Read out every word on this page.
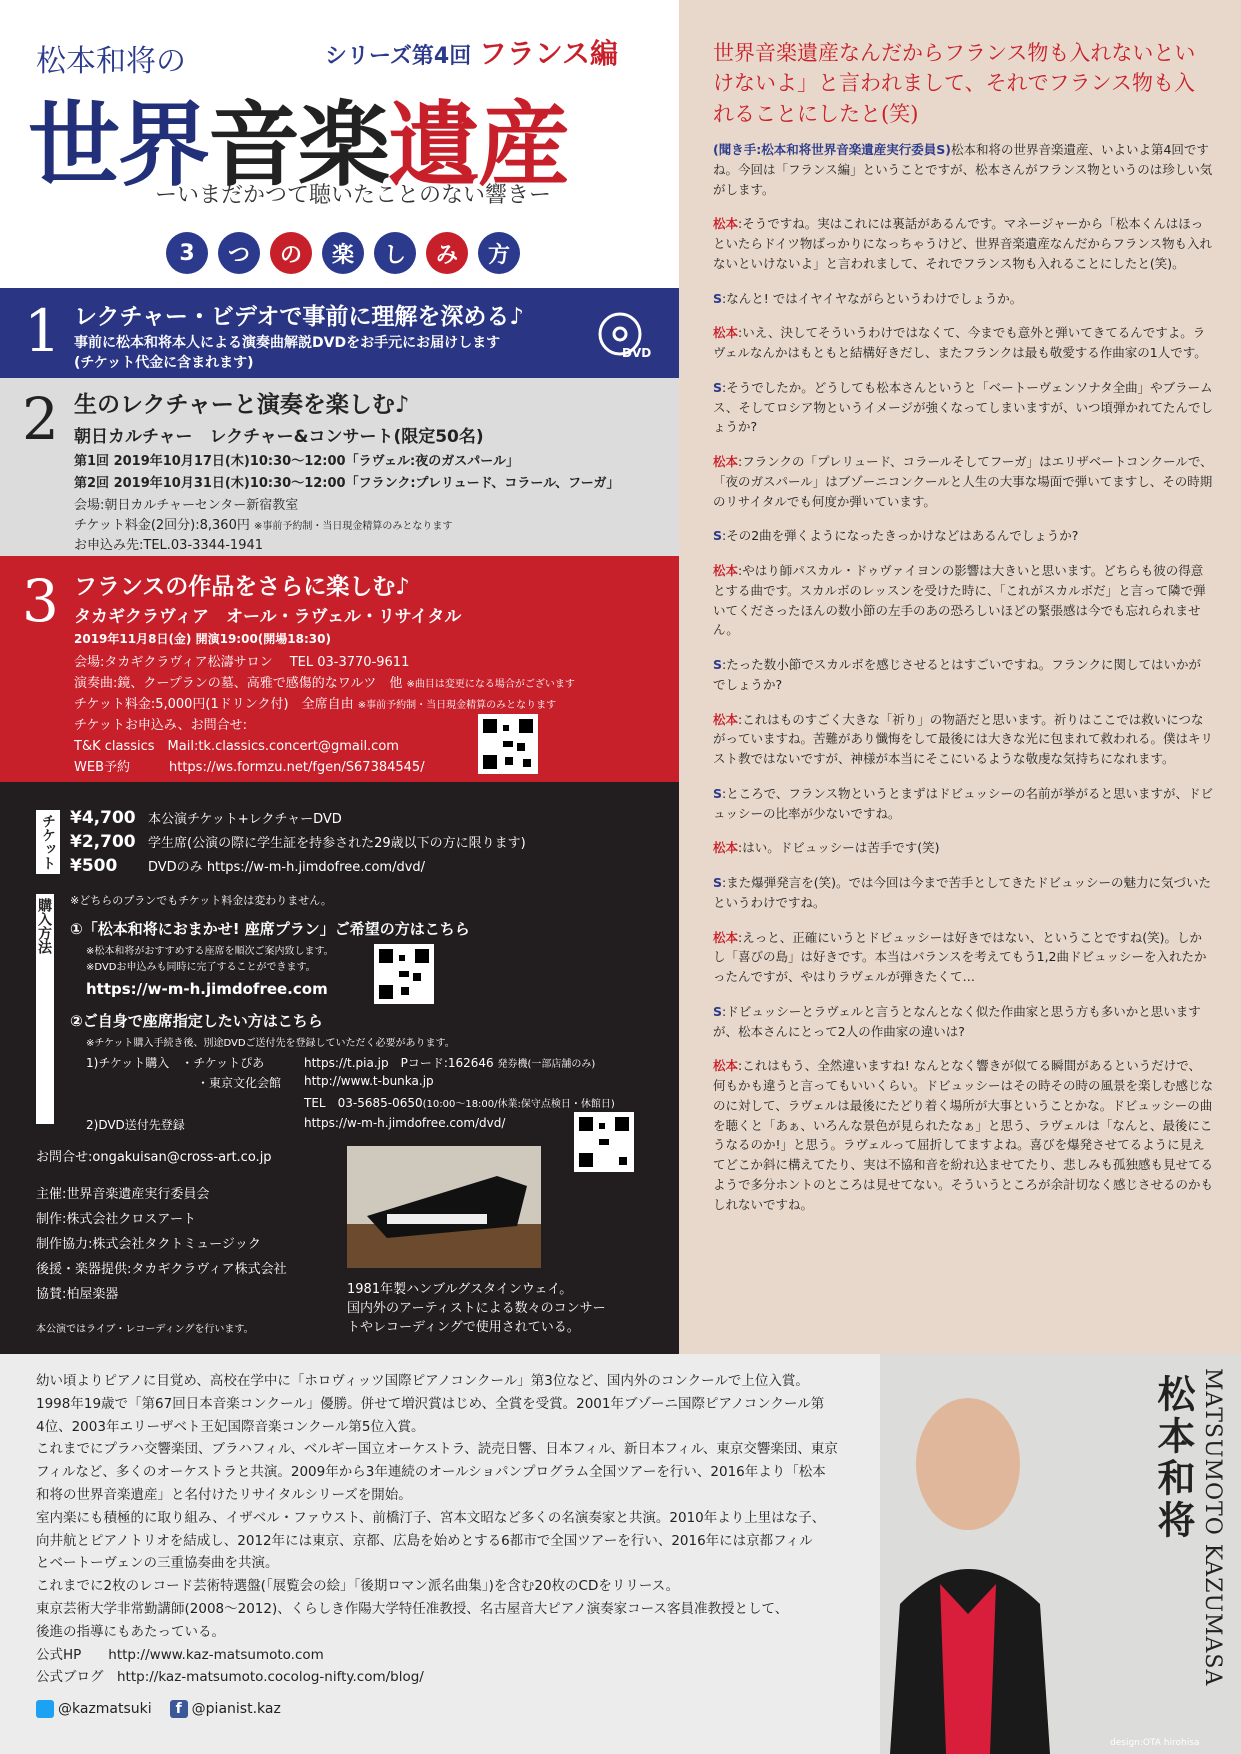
松本和将の	シリーズ第4回 フランス編
世界音楽遺産
ーいまだかつて聴いたことのない響きー
3	つ	の	楽	し	み	方
1 レクチャー・ビデオで事前に理解を深める♪
事前に松本和将本人による演奏曲解説DVDをお手元にお届けします
(チケット代金に含まれます)
DVD
2 生のレクチャーと演奏を楽しむ♪
朝日カルチャー　レクチャー&コンサート(限定50名)
第1回 2019年10月17日(木)10:30〜12:00「ラヴェル:夜のガスパール」
第2回 2019年10月31日(木)10:30〜12:00「フランク:プレリュード、コラール、フーガ」
会場:朝日カルチャーセンター新宿教室
チケット料金(2回分):8,360円 ※事前予約制・当日現金精算のみとなります
お申込み先:TEL.03-3344-1941
3 フランスの作品をさらに楽しむ♪
タカギクラヴィア　オール・ラヴェル・リサイタル
2019年11月8日(金) 開演19:00(開場18:30)
会場:タカギクラヴィア松濤サロン　 TEL 03-3770-9611
演奏曲:鏡、クープランの墓、高雅で感傷的なワルツ　他 ※曲目は変更になる場合がございます
チケット料金:5,000円(1ドリンク付)　全席自由 ※事前予約制・当日現金精算のみとなります
チケットお申込み、お問合せ:
T&K classics　Mail:tk.classics.concert@gmail.com
WEB予約　　　https://ws.formzu.net/fgen/S67384545/
チケット ¥4,700 本公演チケット+レクチャーDVD
¥2,700 学生席(公演の際に学生証を持参された29歳以下の方に限ります)
¥500	DVDのみ https://w-m-h.jimdofree.com/dvd/
購入方法 ※どちらのプランでもチケット料金は変わりません。
①「松本和将におまかせ! 座席プラン」ご希望の方はこちら
※松本和将がおすすめする座席を順次ご案内致します。
※DVDお申込みも同時に完了することができます。
https://w-m-h.jimdofree.com
②ご自身で座席指定したい方はこちら
※チケット購入手続き後、別途DVDご送付先を登録していただく必要があります。
1)チケット購入　・チケットぴあ	https://t.pia.jp　Pコード:162646 発券機(一部店舗のみ)
・東京文化会館 http://www.t-bunka.jp
TEL　03-5685-0650(10:00〜18:00/休業:保守点検日・休館日)
2)DVD送付先登録	https://w-m-h.jimdofree.com/dvd/
お問合せ:ongakuisan@cross-art.co.jp
主催:世界音楽遺産実行委員会
制作:株式会社クロスアート
制作協力:株式会社タクトミュージック
後援・楽器提供:タカギクラヴィア株式会社
協賛:柏屋楽器
本公演ではライブ・レコーディングを行います。
1981年製ハンブルグスタインウェイ。
国内外のアーティストによる数々のコンサー
トやレコーディングで使用されている。
世界音楽遺産なんだからフランス物も入れないといけないよ」と言われまして、それでフランス物も入れることにしたと(笑)

(聞き手:松本和将世界音楽遺産実行委員S)松本和将の世界音楽遺産、いよいよ第4回ですね。今回は「フランス編」ということですが、松本さんがフランス物というのは珍しい気がします。

松本:そうですね。実はこれには裏話があるんです。マネージャーから「松本くんはほっといたらドイツ物ばっかりになっちゃうけど、世界音楽遺産なんだからフランス物も入れないといけないよ」と言われまして、それでフランス物も入れることにしたと(笑)。

S:なんと! ではイヤイヤながらというわけでしょうか。

松本:いえ、決してそういうわけではなくて、今までも意外と弾いてきてるんですよ。ラヴェルなんかはもともと結構好きだし、またフランクは最も敬愛する作曲家の1人です。

S:そうでしたか。どうしても松本さんというと「ベートーヴェンソナタ全曲」やブラームス、そしてロシア物というイメージが強くなってしまいますが、いつ頃弾かれてたんでしょうか?

松本:フランクの「プレリュード、コラールそしてフーガ」はエリザベートコンクールで、「夜のガスパール」はブゾーニコンクールと人生の大事な場面で弾いてますし、その時期のリサイタルでも何度か弾いています。

S:その2曲を弾くようになったきっかけなどはあるんでしょうか?

松本:やはり師パスカル・ドゥヴァイヨンの影響は大きいと思います。どちらも彼の得意とする曲です。スカルボのレッスンを受けた時に、「これがスカルボだ」と言って隣で弾いてくださったほんの数小節の左手のあの恐ろしいほどの緊張感は今でも忘れられません。

S:たった数小節でスカルボを感じさせるとはすごいですね。フランクに関してはいかがでしょうか?

松本:これはものすごく大きな「祈り」の物語だと思います。祈りはここでは救いにつながっていますね。苦難があり懺悔をして最後には大きな光に包まれて救われる。僕はキリスト教ではないですが、神様が本当にそこにいるような敬虔な気持ちになれます。

S:ところで、フランス物というとまずはドビュッシーの名前が挙がると思いますが、ドビュッシーの比率が少ないですね。

松本:はい。ドビュッシーは苦手です(笑)

S:また爆弾発言を(笑)。では今回は今まで苦手としてきたドビュッシーの魅力に気づいたというわけですね。

松本:えっと、正確にいうとドビュッシーは好きではない、ということですね(笑)。しかし「喜びの島」は好きです。本当はバランスを考えてもう1,2曲ドビュッシーを入れたかったんですが、やはりラヴェルが弾きたくて…

S:ドビュッシーとラヴェルと言うとなんとなく似た作曲家と思う方も多いかと思いますが、松本さんにとって2人の作曲家の違いは?

松本:これはもう、全然違いますね! なんとなく響きが似てる瞬間があるというだけで、何もかも違うと言ってもいいくらい。ドビュッシーはその時その時の風景を楽しむ感じなのに対して、ラヴェルは最後にたどり着く場所が大事ということかな。ドビュッシーの曲を聴くと「あぁ、いろんな景色が見られたなぁ」と思う、ラヴェルは「なんと、最後にこうなるのか!」と思う。ラヴェルって屈折してますよね。喜びを爆発させてるように見えてどこか斜に構えてたり、実は不協和音を紛れ込ませてたり、悲しみも孤独感も見せてるようで多分ホントのところは見せてない。そういうところが余計切なく感じさせるのかもしれないですね。

幼い頃よりピアノに目覚め、高校在学中に「ホロヴィッツ国際ピアノコンクール」第3位など、国内外のコンクールで上位入賞。
1998年19歳で「第67回日本音楽コンクール」優勝。併せて増沢賞はじめ、全賞を受賞。2001年ブゾーニ国際ピアノコンクール第
4位、2003年エリーザベト王妃国際音楽コンクール第5位入賞。
これまでにプラハ交響楽団、ブラハフィル、ベルギー国立オーケストラ、読売日響、日本フィル、新日本フィル、東京交響楽団、東京
フィルなど、多くのオーケストラと共演。2009年から3年連続のオールショパンプログラム全国ツアーを行い、2016年より「松本
和将の世界音楽遺産」と名付けたリサイタルシリーズを開始。
室内楽にも積極的に取り組み、イザベル・ファウスト、前橋汀子、宮本文昭など多くの名演奏家と共演。2010年より上里はな子、
向井航とピアノトリオを結成し、2012年には東京、京都、広島を始めとする6都市で全国ツアーを行い、2016年には京都フィル
とベートーヴェンの三重協奏曲を共演。
これまでに2枚のレコード芸術特選盤(「展覧会の絵」「後期ロマン派名曲集」)を含む20枚のCDをリリース。
東京芸術大学非常勤講師(2008〜2012)、くらしき作陽大学特任准教授、名古屋音大ピアノ演奏家コース客員准教授として、
後進の指導にもあたっている。
公式HP　　http://www.kaz-matsumoto.com
公式ブログ　http://kaz-matsumoto.cocolog-nifty.com/blog/
@kazmatsuki	f @pianist.kaz
松本和将 MATSUMOTO KAZUMASA
design:OTA hirohisa
